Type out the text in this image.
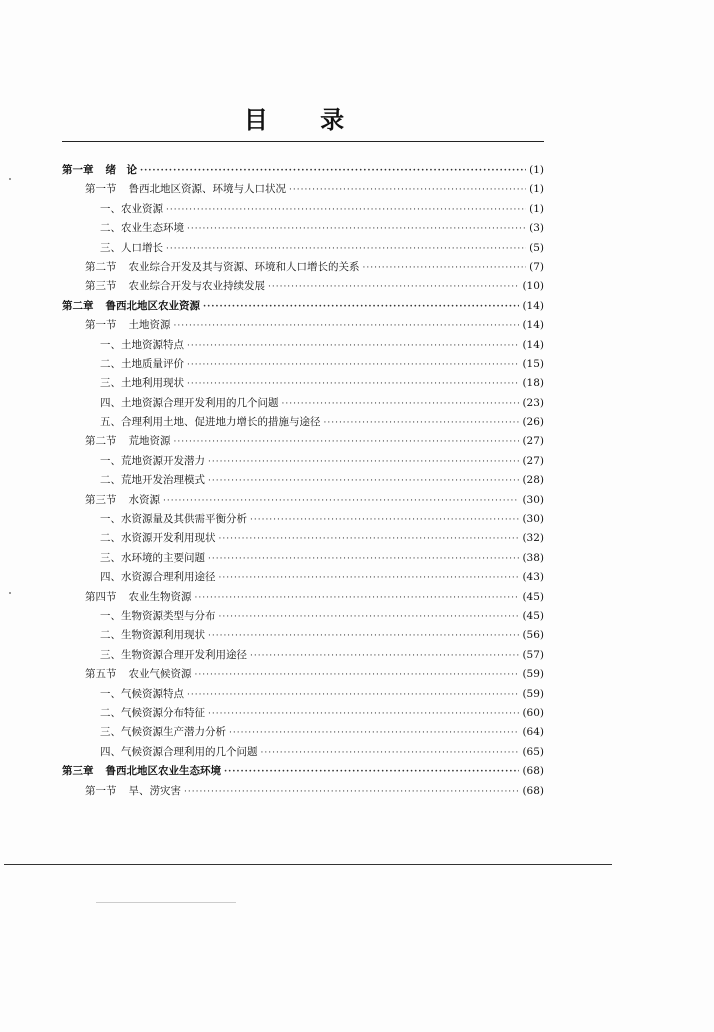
目 录
第一章 绪　论 ·····	(1)
第一节 鲁西北地区资源、环境与人口状况 ·····	(1)
一、农业资源 ·····	(1)
二、农业生态环境 ·····	(3)
三、人口增长 ·····	(5)
第二节 农业综合开发及其与资源、环境和人口增长的关系 ·····	(7)
第三节 农业综合开发与农业持续发展 ·····	(10)
第二章 鲁西北地区农业资源 ·····	(14)
第一节 土地资源 ·····	(14)
一、土地资源特点 ·····	(14)
二、土地质量评价 ·····	(15)
三、土地利用现状 ·····	(18)
四、土地资源合理开发利用的几个问题 ·····	(23)
五、合理利用土地、促进地力增长的措施与途径 ·····	(26)
第二节 荒地资源 ·····	(27)
一、荒地资源开发潜力 ·····	(27)
二、荒地开发治理模式 ·····	(28)
第三节 水资源 ·····	(30)
一、水资源量及其供需平衡分析 ·····	(30)
二、水资源开发利用现状 ·····	(32)
三、水环境的主要问题 ·····	(38)
四、水资源合理利用途径 ·····	(43)
第四节 农业生物资源 ·····	(45)
一、生物资源类型与分布 ·····	(45)
二、生物资源利用现状 ·····	(56)
三、生物资源合理开发利用途径 ·····	(57)
第五节 农业气候资源 ·····	(59)
一、气候资源特点 ·····	(59)
二、气候资源分布特征 ·····	(60)
三、气候资源生产潜力分析 ·····	(64)
四、气候资源合理利用的几个问题 ·····	(65)
第三章 鲁西北地区农业生态环境 ·····	(68)
第一节 旱、涝灾害 ·····	(68)
